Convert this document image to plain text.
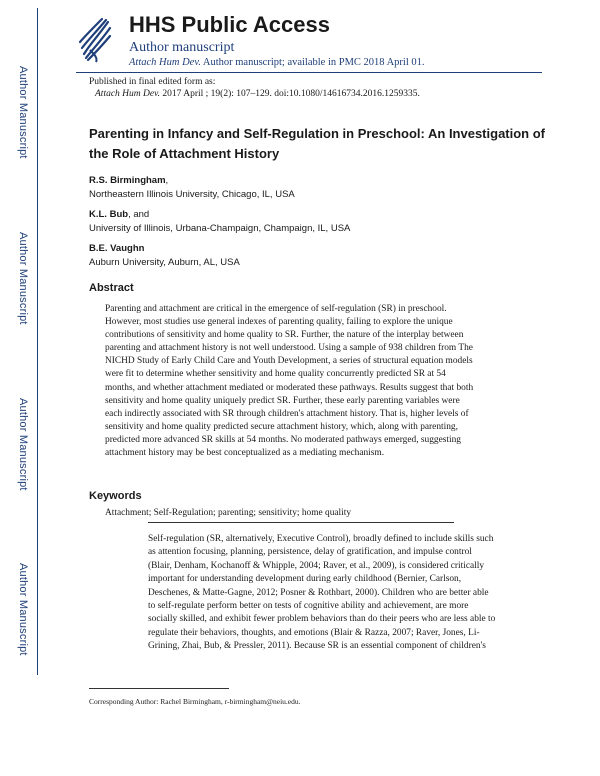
Author Manuscript
Author Manuscript
Author Manuscript
Author Manuscript
HHS Public Access
Author manuscript
Attach Hum Dev. Author manuscript; available in PMC 2018 April 01.
Published in final edited form as:
Attach Hum Dev. 2017 April ; 19(2): 107–129. doi:10.1080/14616734.2016.1259335.
Parenting in Infancy and Self-Regulation in Preschool: An Investigation of the Role of Attachment History
R.S. Birmingham,
Northeastern Illinois University, Chicago, IL, USA
K.L. Bub, and
University of Illinois, Urbana-Champaign, Champaign, IL, USA
B.E. Vaughn
Auburn University, Auburn, AL, USA
Abstract
Parenting and attachment are critical in the emergence of self-regulation (SR) in preschool.
However, most studies use general indexes of parenting quality, failing to explore the unique
contributions of sensitivity and home quality to SR. Further, the nature of the interplay between
parenting and attachment history is not well understood. Using a sample of 938 children from The
NICHD Study of Early Child Care and Youth Development, a series of structural equation models
were fit to determine whether sensitivity and home quality concurrently predicted SR at 54
months, and whether attachment mediated or moderated these pathways. Results suggest that both
sensitivity and home quality uniquely predict SR. Further, these early parenting variables were
each indirectly associated with SR through children's attachment history. That is, higher levels of
sensitivity and home quality predicted secure attachment history, which, along with parenting,
predicted more advanced SR skills at 54 months. No moderated pathways emerged, suggesting
attachment history may be best conceptualized as a mediating mechanism.
Keywords
Attachment; Self-Regulation; parenting; sensitivity; home quality
Self-regulation (SR, alternatively, Executive Control), broadly defined to include skills such
as attention focusing, planning, persistence, delay of gratification, and impulse control
(Blair, Denham, Kochanoff & Whipple, 2004; Raver, et al., 2009), is considered critically
important for understanding development during early childhood (Bernier, Carlson,
Deschenes, & Matte-Gagne, 2012; Posner & Rothbart, 2000). Children who are better able
to self-regulate perform better on tests of cognitive ability and achievement, are more
socially skilled, and exhibit fewer problem behaviors than do their peers who are less able to
regulate their behaviors, thoughts, and emotions (Blair & Razza, 2007; Raver, Jones, Li-
Grining, Zhai, Bub, & Pressler, 2011). Because SR is an essential component of children's
Corresponding Author: Rachel Birmingham, r-birmingham@neiu.edu.
